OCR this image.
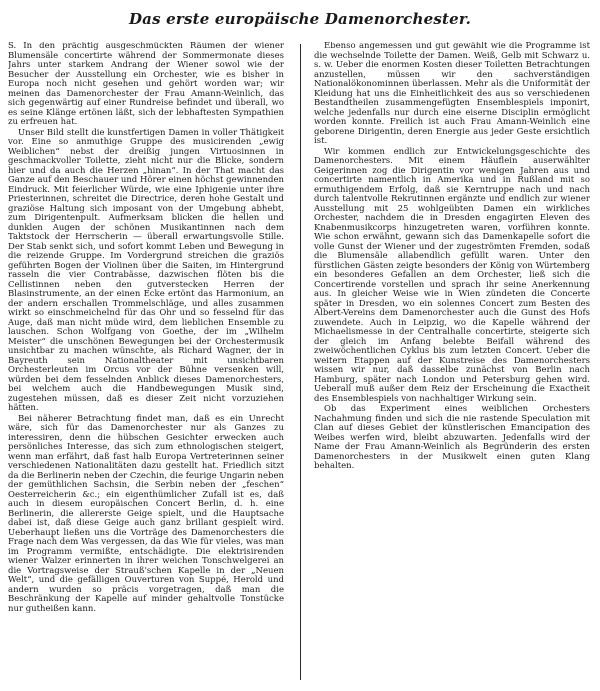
Das erste europäische Damenorchester.

S. In den prächtig ausgeschmückten Räumen der wiener Blumensäle concertirte während der Sommermonate dieses Jahrs unter starkem Andrang der Wiener sowol wie der Besucher der Ausstellung ein Orchester, wie es bisher in Europa noch nicht gesehen und gehört worden war; wir meinen das Damenorchester der Frau Amann-Weinlich, das sich gegenwärtig auf einer Rundreise befindet und überall, wo es seine Klänge ertönen läßt, sich der lebhaftesten Sympathien zu erfreuen hat.

Unser Bild stellt die kunstfertigen Damen in voller Thätigkeit vor. Eine so anmuthige Gruppe des musicirenden „ewig Weiblichen“ nebst der dreißig jungen Virtuosinnen in geschmackvoller Toilette, zieht nicht nur die Blicke, sondern hier und da auch die Herzen „hinan“. In der That macht das Ganze auf den Beschauer und Hörer einen höchst gewinnenden Eindruck. Mit feierlicher Würde, wie eine Iphigenie unter ihre Priesterinnen, schreitet die Directrice, deren hohe Gestalt und graziöse Haltung sich imposant von der Umgebung abhebt, zum Dirigentenpult. Aufmerksam blicken die hellen und dunklen Augen der schönen Musikantinnen nach dem Taktstock der Herrscherin — überall erwartungsvolle Stille. Der Stab senkt sich, und sofort kommt Leben und Bewegung in die reizende Gruppe. Im Vordergrund streichen die graziös geführten Bogen der Violinen über die Saiten, im Hintergrund rasseln die vier Contrabässe, dazwischen flöten bis die Cellistinnen neben den gutverstecken Herren der Blasinstrumente, an der einen Ecke ertönt das Harmonium, an der andern erschallen Trommelschläge, und alles zusammen wirkt so einschmeichelnd für das Ohr und so fesselnd für das Auge, daß man nicht müde wird, dem lieblichen Ensemble zu lauschen. Schon Wolfgang von Goethe, der im „Wilhelm Meister“ die unschönen Bewegungen bei der Orchestermusik unsichtbar zu machen wünschte, als Richard Wagner, der in Bayreuth sein Nationaltheater mit unsichtbaren Orchesterleuten im Orcus vor der Bühne versenken will, würden bei dem fesselnden Anblick dieses Damenorchesters, bei welchem auch die Handbewegungen Musik sind, zugestehen müssen, daß es dieser Zeit nicht vorzuziehen hätten.

Bei näherer Betrachtung findet man, daß es ein Unrecht wäre, sich für das Damenorchester nur als Ganzes zu interessiren, denn die hübschen Gesichter erwecken auch persönliches Interesse, das sich zum ethnologischen steigert, wenn man erfährt, daß fast halb Europa Vertreterinnen seiner verschiedenen Nationalitäten dazu gestellt hat. Friedlich sitzt da die Berlinerin neben der Czechin, die feurige Ungarin neben der gemüthlichen Sachsin, die Serbin neben der „feschen“ Oesterreicherin &c.; ein eigenthümlicher Zufall ist es, daß auch in diesem europäischen Concert Berlin, d. h. eine Berlinerin, die allererste Geige spielt, und die Hauptsache dabei ist, daß diese Geige auch ganz brillant gespielt wird. Ueberhaupt ließen uns die Vorträge des Damenorchesters die Frage nach dem Was vergessen, da das Wie für vieles, was man im Programm vermißte, entschädigte. Die elektrisirenden wiener Walzer erinnerten in ihrer weichen Tonschwelgerei an die Vortragsweise der Strauß'schen Kapelle in der „Neuen Welt“, und die gefälligen Ouverturen von Suppé, Herold und andern wurden so präcis vorgetragen, daß man die Beschränkung der Kapelle auf minder gehaltvolle Tonstücke nur gutheißen kann.

Ebenso angemessen und gut gewählt wie die Programme ist die wechselnde Toilette der Damen. Weiß, Gelb mit Schwarz u. s. w. Ueber die enormen Kosten dieser Toiletten Betrachtungen anzustellen, müssen wir den sachverständigen Nationalökonominnen überlassen. Mehr als die Uniformität der Kleidung hat uns die Einheitlichkeit des aus so verschiedenen Bestandtheilen zusammengefügten Ensemblespiels imponirt, welche jedenfalls nur durch eine eiserne Disciplin ermöglicht worden konnte. Freilich ist auch Frau Amann-Weinlich eine geborene Dirigentin, deren Energie aus jeder Geste ersichtlich ist.

Wir kommen endlich zur Entwickelungsgeschichte des Damenorchesters. Mit einem Häuflein auserwählter Geigerinnen zog die Dirigentin vor wenigen Jahren aus und concertirte namentlich in Amerika und in Rußland mit so ermuthigendem Erfolg, daß sie Kerntruppe nach und nach durch talentvolle Rekrutinnen ergänzte und endlich zur wiener Ausstellung mit 25 wohlgeübten Damen ein wirkliches Orchester, nachdem die in Dresden engagirten Eleven des Knabenmusikcorps hinzugetreten waren, vorführen konnte. Wie schon erwähnt, gewann sich das Damenkapelle sofort die volle Gunst der Wiener und der zugeströmten Fremden, sodaß die Blumensäle allabendlich gefüllt waren. Unter den fürstlichen Gästen zeigte besonders der König von Würtemberg ein besonderes Gefallen an dem Orchester, ließ sich die Concertirende vorstellen und sprach ihr seine Anerkennung aus. In gleicher Weise wie in Wien zündeten die Concerte später in Dresden, wo ein solennes Concert zum Besten des Albert-Vereins dem Damenorchester auch die Gunst des Hofs zuwendete. Auch in Leipzig, wo die Kapelle während der Michaelismesse in der Centralhalle concertirte, steigerte sich der gleich im Anfang belebte Beifall während des zweiwöchentlichen Cyklus bis zum letzten Concert. Ueber die weitern Etappen auf der Kunstreise des Damenorchesters wissen wir nur, daß dasselbe zunächst von Berlin nach Hamburg, später nach London und Petersburg gehen wird. Ueberall muß außer dem Reiz der Erscheinung die Exactheit des Ensemblespiels von nachhaltiger Wirkung sein.

Ob das Experiment eines weiblichen Orchesters Nachahmung finden und sich die nie rastende Speculation mit Clan auf dieses Gebiet der künstlerischen Emancipation des Weibes werfen wird, bleibt abzuwarten. Jedenfalls wird der Name der Frau Amann-Weinlich als Begründerin des ersten Damenorchesters in der Musikwelt einen guten Klang behalten.
